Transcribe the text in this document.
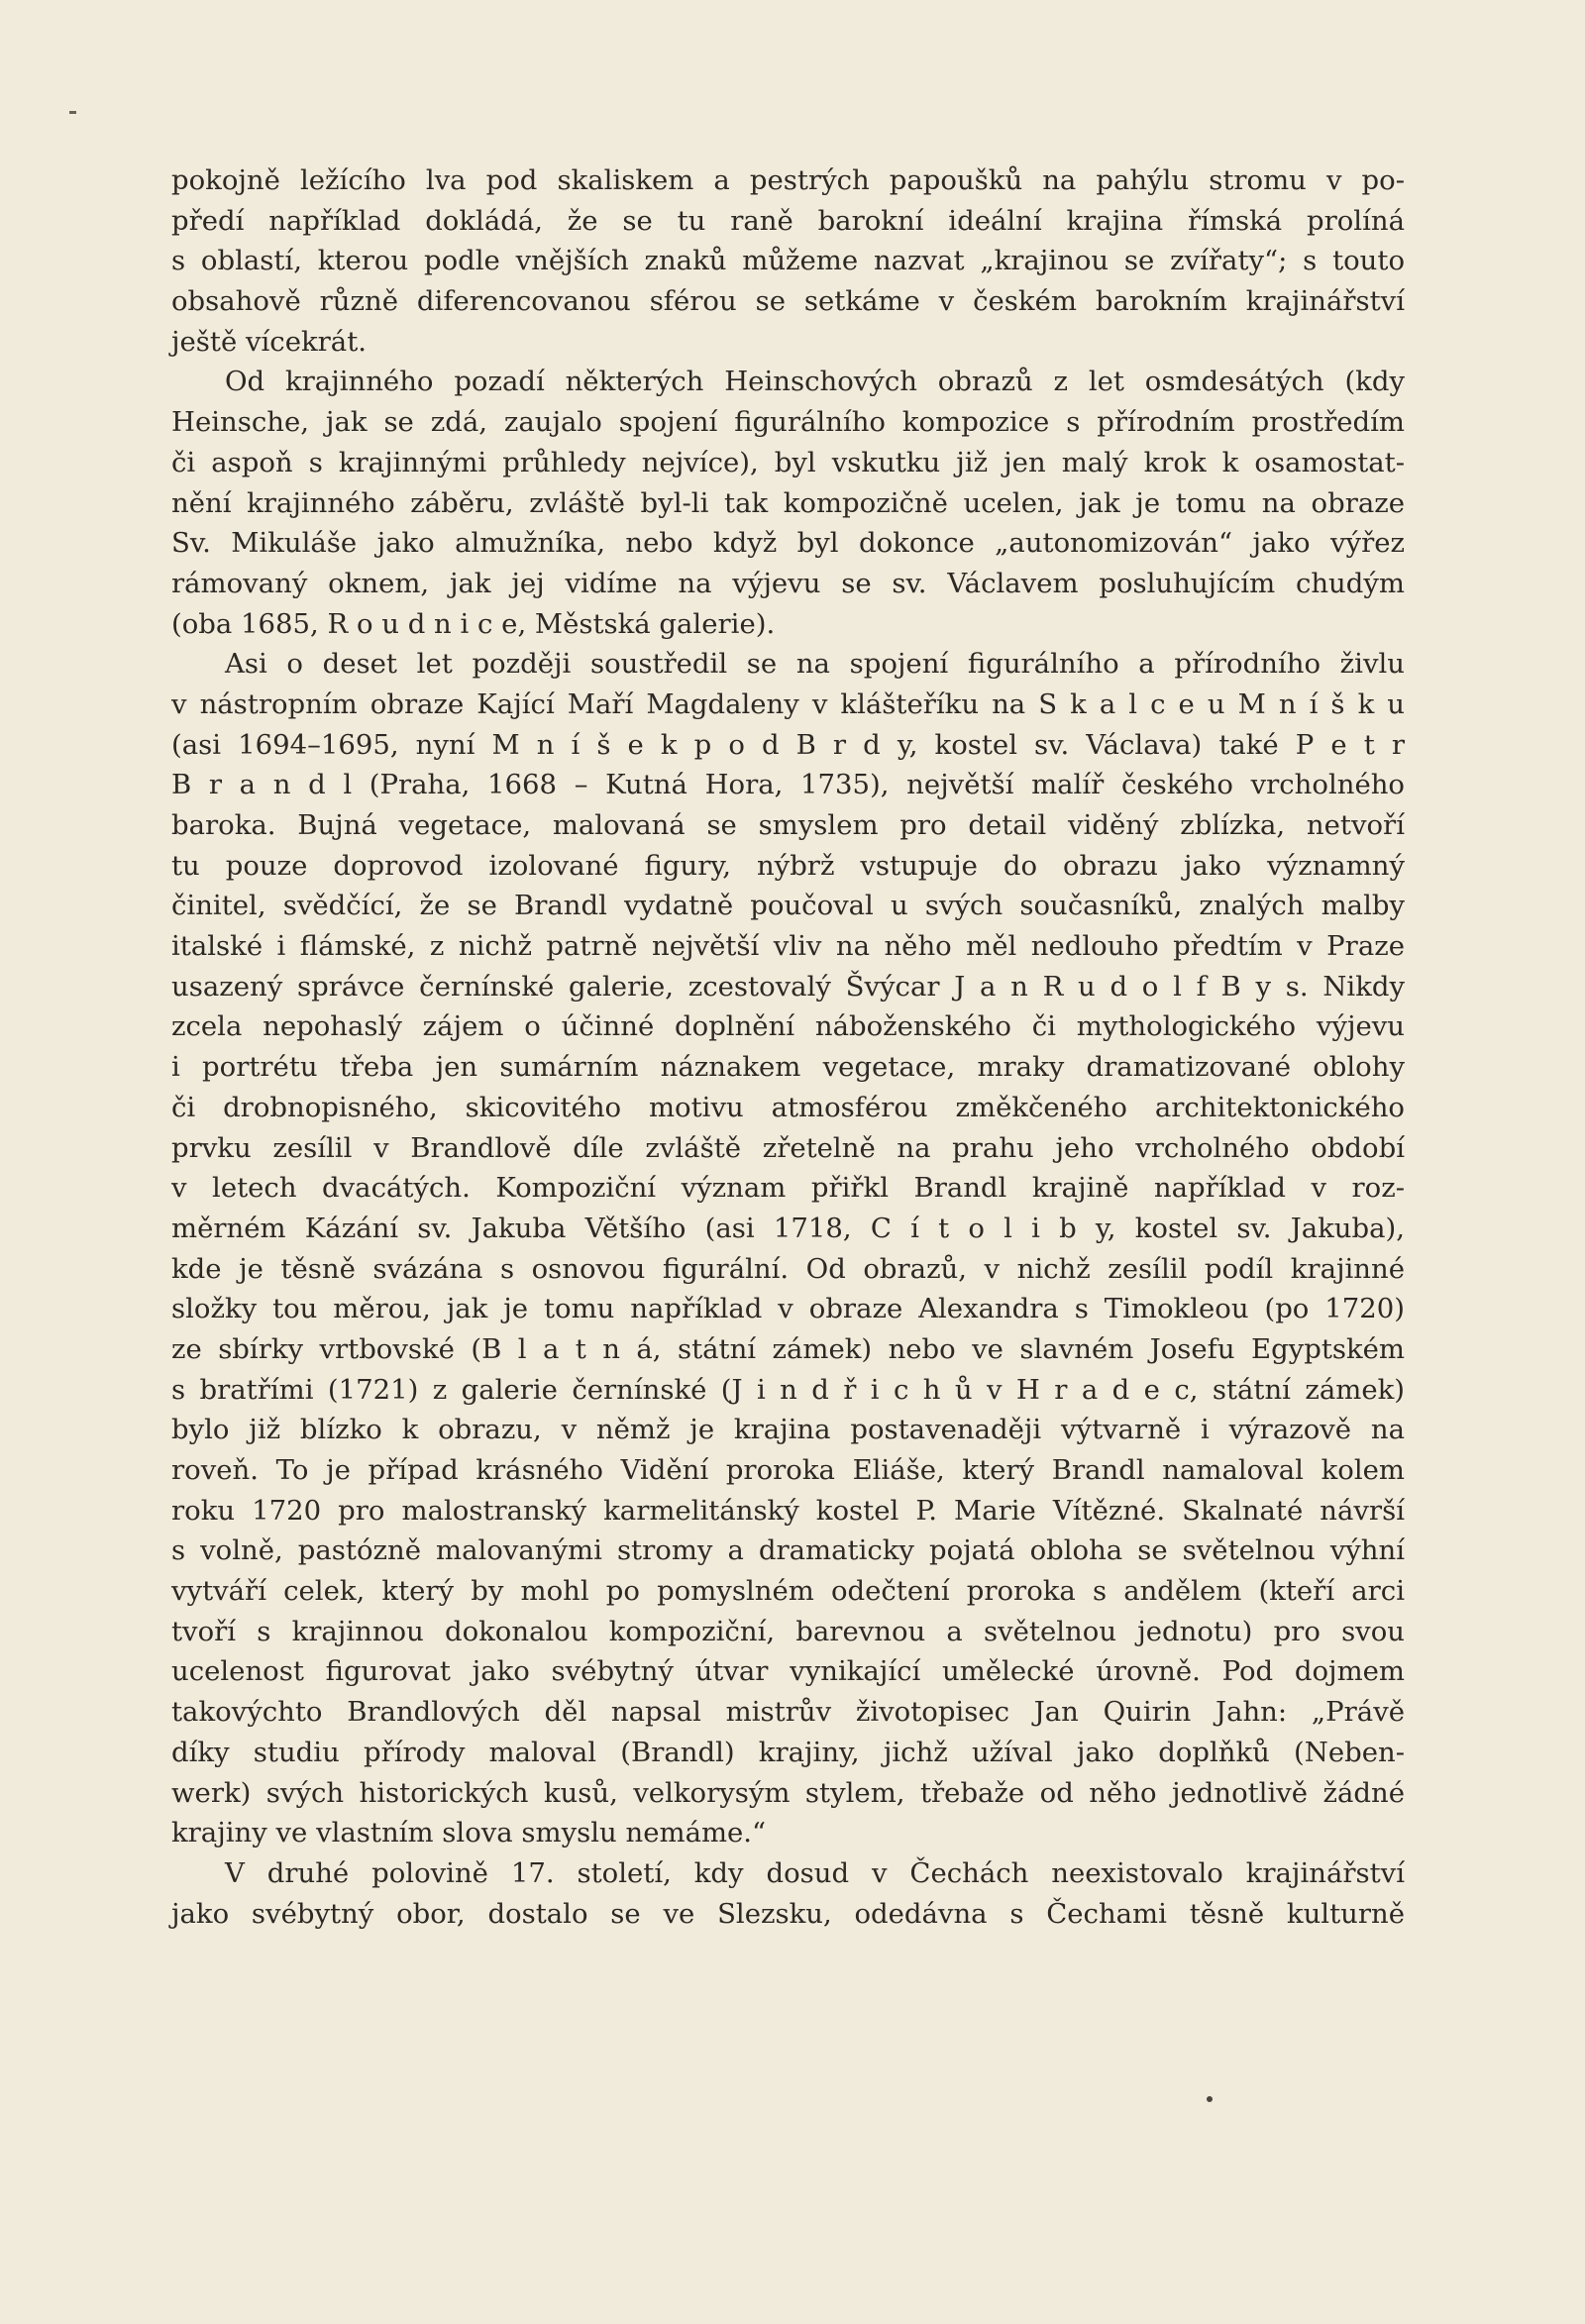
pokojně ležícího lva pod skaliskem a pestrých papoušků na pahýlu stromu v po-
předí například dokládá, že se tu raně barokní ideální krajina římská prolíná
s oblastí, kterou podle vnějších znaků můžeme nazvat „krajinou se zvířaty“; s touto
obsahově různě diferencovanou sférou se setkáme v českém barokním krajinářství
ještě vícekrát.
Od krajinného pozadí některých Heinschových obrazů z let osmdesátých (kdy
Heinsche, jak se zdá, zaujalo spojení figurálního kompozice s přírodním prostředím
či aspoň s krajinnými průhledy nejvíce), byl vskutku již jen malý krok k osamostat-
nění krajinného záběru, zvláště byl-li tak kompozičně ucelen, jak je tomu na obraze
Sv. Mikuláše jako almužníka, nebo když byl dokonce „autonomizován“ jako výřez
rámovaný oknem, jak jej vidíme na výjevu se sv. Václavem posluhujícím chudým
(oba 1685, R o u d n i c e, Městská galerie).
Asi o deset let později soustředil se na spojení figurálního a přírodního živlu
v nástropním obraze Kající Maří Magdaleny v klášteříku na S k a l c e u M n í š k u
(asi 1694–1695, nyní M n í š e k p o d B r d y, kostel sv. Václava) také P e t r
B r a n d l (Praha, 1668 – Kutná Hora, 1735), největší malíř českého vrcholného
baroka. Bujná vegetace, malovaná se smyslem pro detail viděný zblízka, netvoří
tu pouze doprovod izolované figury, nýbrž vstupuje do obrazu jako významný
činitel, svědčící, že se Brandl vydatně poučoval u svých současníků, znalých malby
italské i flámské, z nichž patrně největší vliv na něho měl nedlouho předtím v Praze
usazený správce černínské galerie, zcestovalý Švýcar J a n R u d o l f B y s. Nikdy
zcela nepohaslý zájem o účinné doplnění náboženského či mythologického výjevu
i portrétu třeba jen sumárním náznakem vegetace, mraky dramatizované oblohy
či drobnopisného, skicovitého motivu atmosférou změkčeného architektonického
prvku zesílil v Brandlově díle zvláště zřetelně na prahu jeho vrcholného období
v letech dvacátých. Kompoziční význam přiřkl Brandl krajině například v roz-
měrném Kázání sv. Jakuba Většího (asi 1718, C í t o l i b y, kostel sv. Jakuba),
kde je těsně svázána s osnovou figurální. Od obrazů, v nichž zesílil podíl krajinné
složky tou měrou, jak je tomu například v obraze Alexandra s Timokleou (po 1720)
ze sbírky vrtbovské (B l a t n á, státní zámek) nebo ve slavném Josefu Egyptském
s bratřími (1721) z galerie černínské (J i n d ř i c h ů v H r a d e c, státní zámek)
bylo již blízko k obrazu, v němž je krajina postavenaději výtvarně i výrazově na
roveň. To je případ krásného Vidění proroka Eliáše, který Brandl namaloval kolem
roku 1720 pro malostranský karmelitánský kostel P. Marie Vítězné. Skalnaté návrší
s volně, pastózně malovanými stromy a dramaticky pojatá obloha se světelnou výhní
vytváří celek, který by mohl po pomyslném odečtení proroka s andělem (kteří arci
tvoří s krajinnou dokonalou kompoziční, barevnou a světelnou jednotu) pro svou
ucelenost figurovat jako svébytný útvar vynikající umělecké úrovně. Pod dojmem
takovýchto Brandlových děl napsal mistrův životopisec Jan Quirin Jahn: „Právě
díky studiu přírody maloval (Brandl) krajiny, jichž užíval jako doplňků (Neben-
werk) svých historických kusů, velkorysým stylem, třebaže od něho jednotlivě žádné
krajiny ve vlastním slova smyslu nemáme.“
V druhé polovině 17. století, kdy dosud v Čechách neexistovalo krajinářství
jako svébytný obor, dostalo se ve Slezsku, odedávna s Čechami těsně kulturně
